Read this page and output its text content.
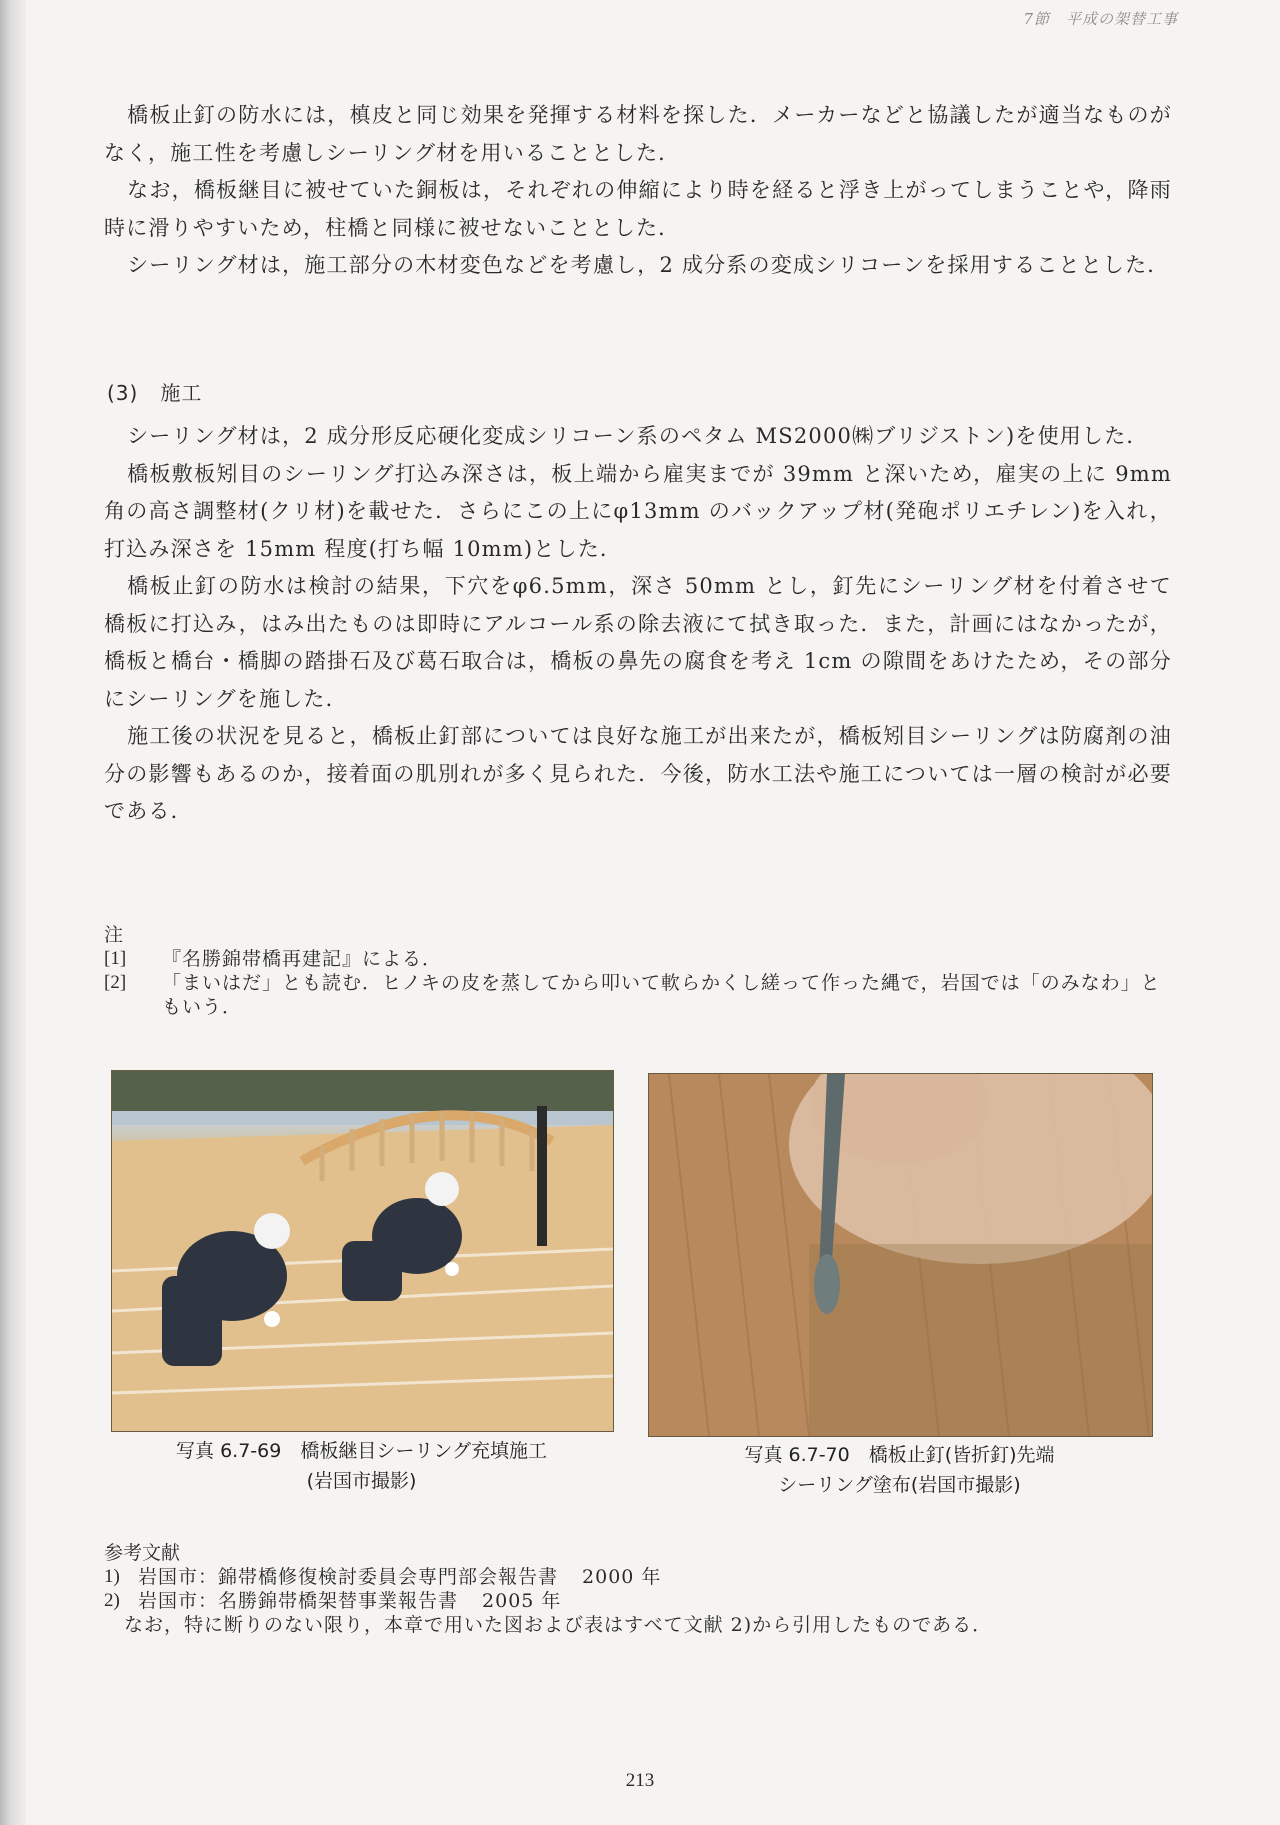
7節　平成の架替工事

橋板止釘の防水には，槙皮と同じ効果を発揮する材料を探した．メーカーなどと協議したが適当なものがなく，施工性を考慮しシーリング材を用いることとした．

なお，橋板継目に被せていた銅板は，それぞれの伸縮により時を経ると浮き上がってしまうことや，降雨時に滑りやすいため，柱橋と同様に被せないこととした．

シーリング材は，施工部分の木材変色などを考慮し，2 成分系の変成シリコーンを採用することとした．

(3) 施工

シーリング材は，2 成分形反応硬化変成シリコーン系のペタム MS2000㈱ブリジストン)を使用した．

橋板敷板矧目のシーリング打込み深さは，板上端から雇実までが 39mm と深いため，雇実の上に 9mm 角の高さ調整材(クリ材)を載せた．さらにこの上にφ13mm のバックアップ材(発砲ポリエチレン)を入れ，打込み深さを 15mm 程度(打ち幅 10mm)とした．

橋板止釘の防水は検討の結果，下穴をφ6.5mm，深さ 50mm とし，釘先にシーリング材を付着させて橋板に打込み，はみ出たものは即時にアルコール系の除去液にて拭き取った．また，計画にはなかったが，橋板と橋台・橋脚の踏掛石及び葛石取合は，橋板の鼻先の腐食を考え 1cm の隙間をあけたため，その部分にシーリングを施した．

施工後の状況を見ると，橋板止釘部については良好な施工が出来たが，橋板矧目シーリングは防腐剤の油分の影響もあるのか，接着面の肌別れが多く見られた．今後，防水工法や施工については一層の検討が必要である．

注
[1]	『名勝錦帯橋再建記』による．
[2]	「まいはだ」とも読む．ヒノキの皮を蒸してから叩いて軟らかくし縒って作った縄で，岩国では「のみなわ」ともいう．
写真 6.7-69　橋板継目シーリング充填施工
(岩国市撮影)
写真 6.7-70　橋板止釘(皆折釘)先端
シーリング塗布(岩国市撮影)
参考文献
1) 岩国市：錦帯橋修復検討委員会専門部会報告書 2000 年
2) 岩国市：名勝錦帯橋架替事業報告書 2005 年
なお，特に断りのない限り，本章で用いた図および表はすべて文献 2)から引用したものである．
213
